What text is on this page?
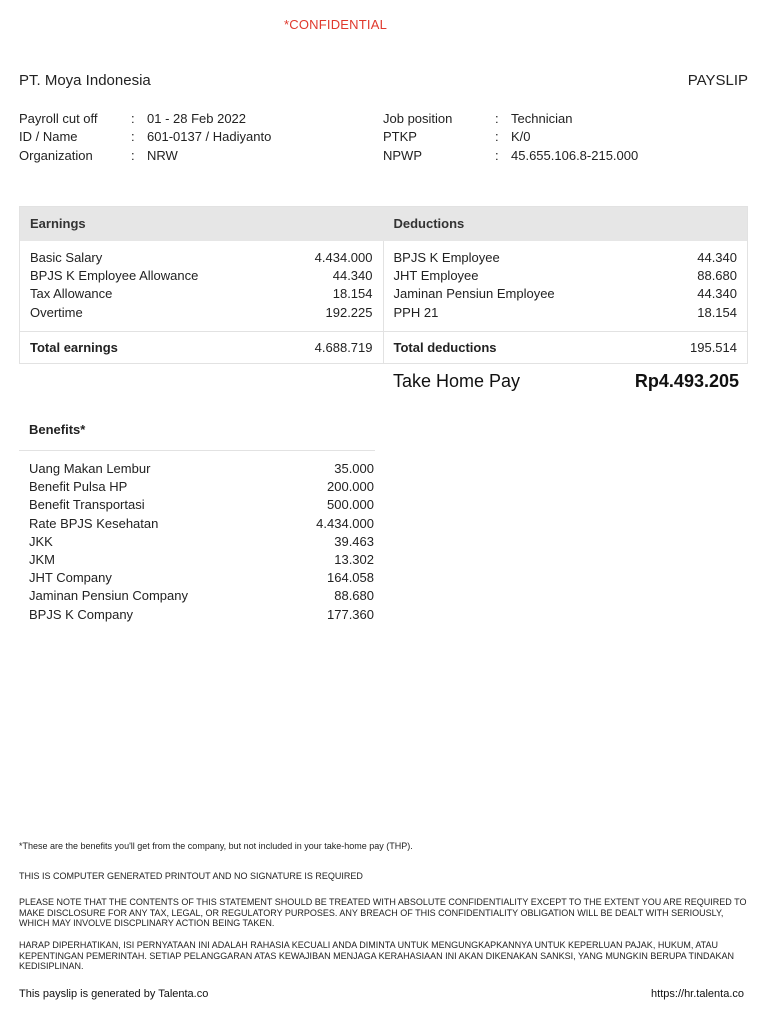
*CONFIDENTIAL
PT. Moya Indonesia	PAYSLIP
Payroll cut off	: 01 - 28 Feb 2022
ID / Name	: 601-0137 / Hadiyanto
Organization	: NRW
Job position	: Technician
PTKP	: K/0
NPWP	: 45.655.106.8-215.000
Earnings	Deductions
Basic Salary	4.434.000
BPJS K Employee Allowance	44.340
Tax Allowance	18.154
Overtime	192.225
BPJS K Employee	44.340
JHT Employee	88.680
Jaminan Pensiun Employee	44.340
PPH 21	18.154
Total earnings	4.688.719 Total deductions	195.514
Take Home Pay	Rp4.493.205
Benefits*
Uang Makan Lembur	35.000
Benefit Pulsa HP	200.000
Benefit Transportasi	500.000
Rate BPJS Kesehatan	4.434.000
JKK	39.463
JKM	13.302
JHT Company	164.058
Jaminan Pensiun Company	88.680
BPJS K Company	177.360
*These are the benefits you'll get from the company, but not included in your take-home pay (THP).
THIS IS COMPUTER GENERATED PRINTOUT AND NO SIGNATURE IS REQUIRED
PLEASE NOTE THAT THE CONTENTS OF THIS STATEMENT SHOULD BE TREATED WITH ABSOLUTE CONFIDENTIALITY EXCEPT TO THE EXTENT YOU ARE REQUIRED TO MAKE DISCLOSURE FOR ANY TAX, LEGAL, OR REGULATORY PURPOSES. ANY BREACH OF THIS CONFIDENTIALITY OBLIGATION WILL BE DEALT WITH SERIOUSLY, WHICH MAY INVOLVE DISCPLINARY ACTION BEING TAKEN.
HARAP DIPERHATIKAN, ISI PERNYATAAN INI ADALAH RAHASIA KECUALI ANDA DIMINTA UNTUK MENGUNGKAPKANNYA UNTUK KEPERLUAN PAJAK, HUKUM, ATAU KEPENTINGAN PEMERINTAH. SETIAP PELANGGARAN ATAS KEWAJIBAN MENJAGA KERAHASIAAN INI AKAN DIKENAKAN SANKSI, YANG MUNGKIN BERUPA TINDAKAN KEDISIPLINAN.
This payslip is generated by Talenta.co	https://hr.talenta.co
